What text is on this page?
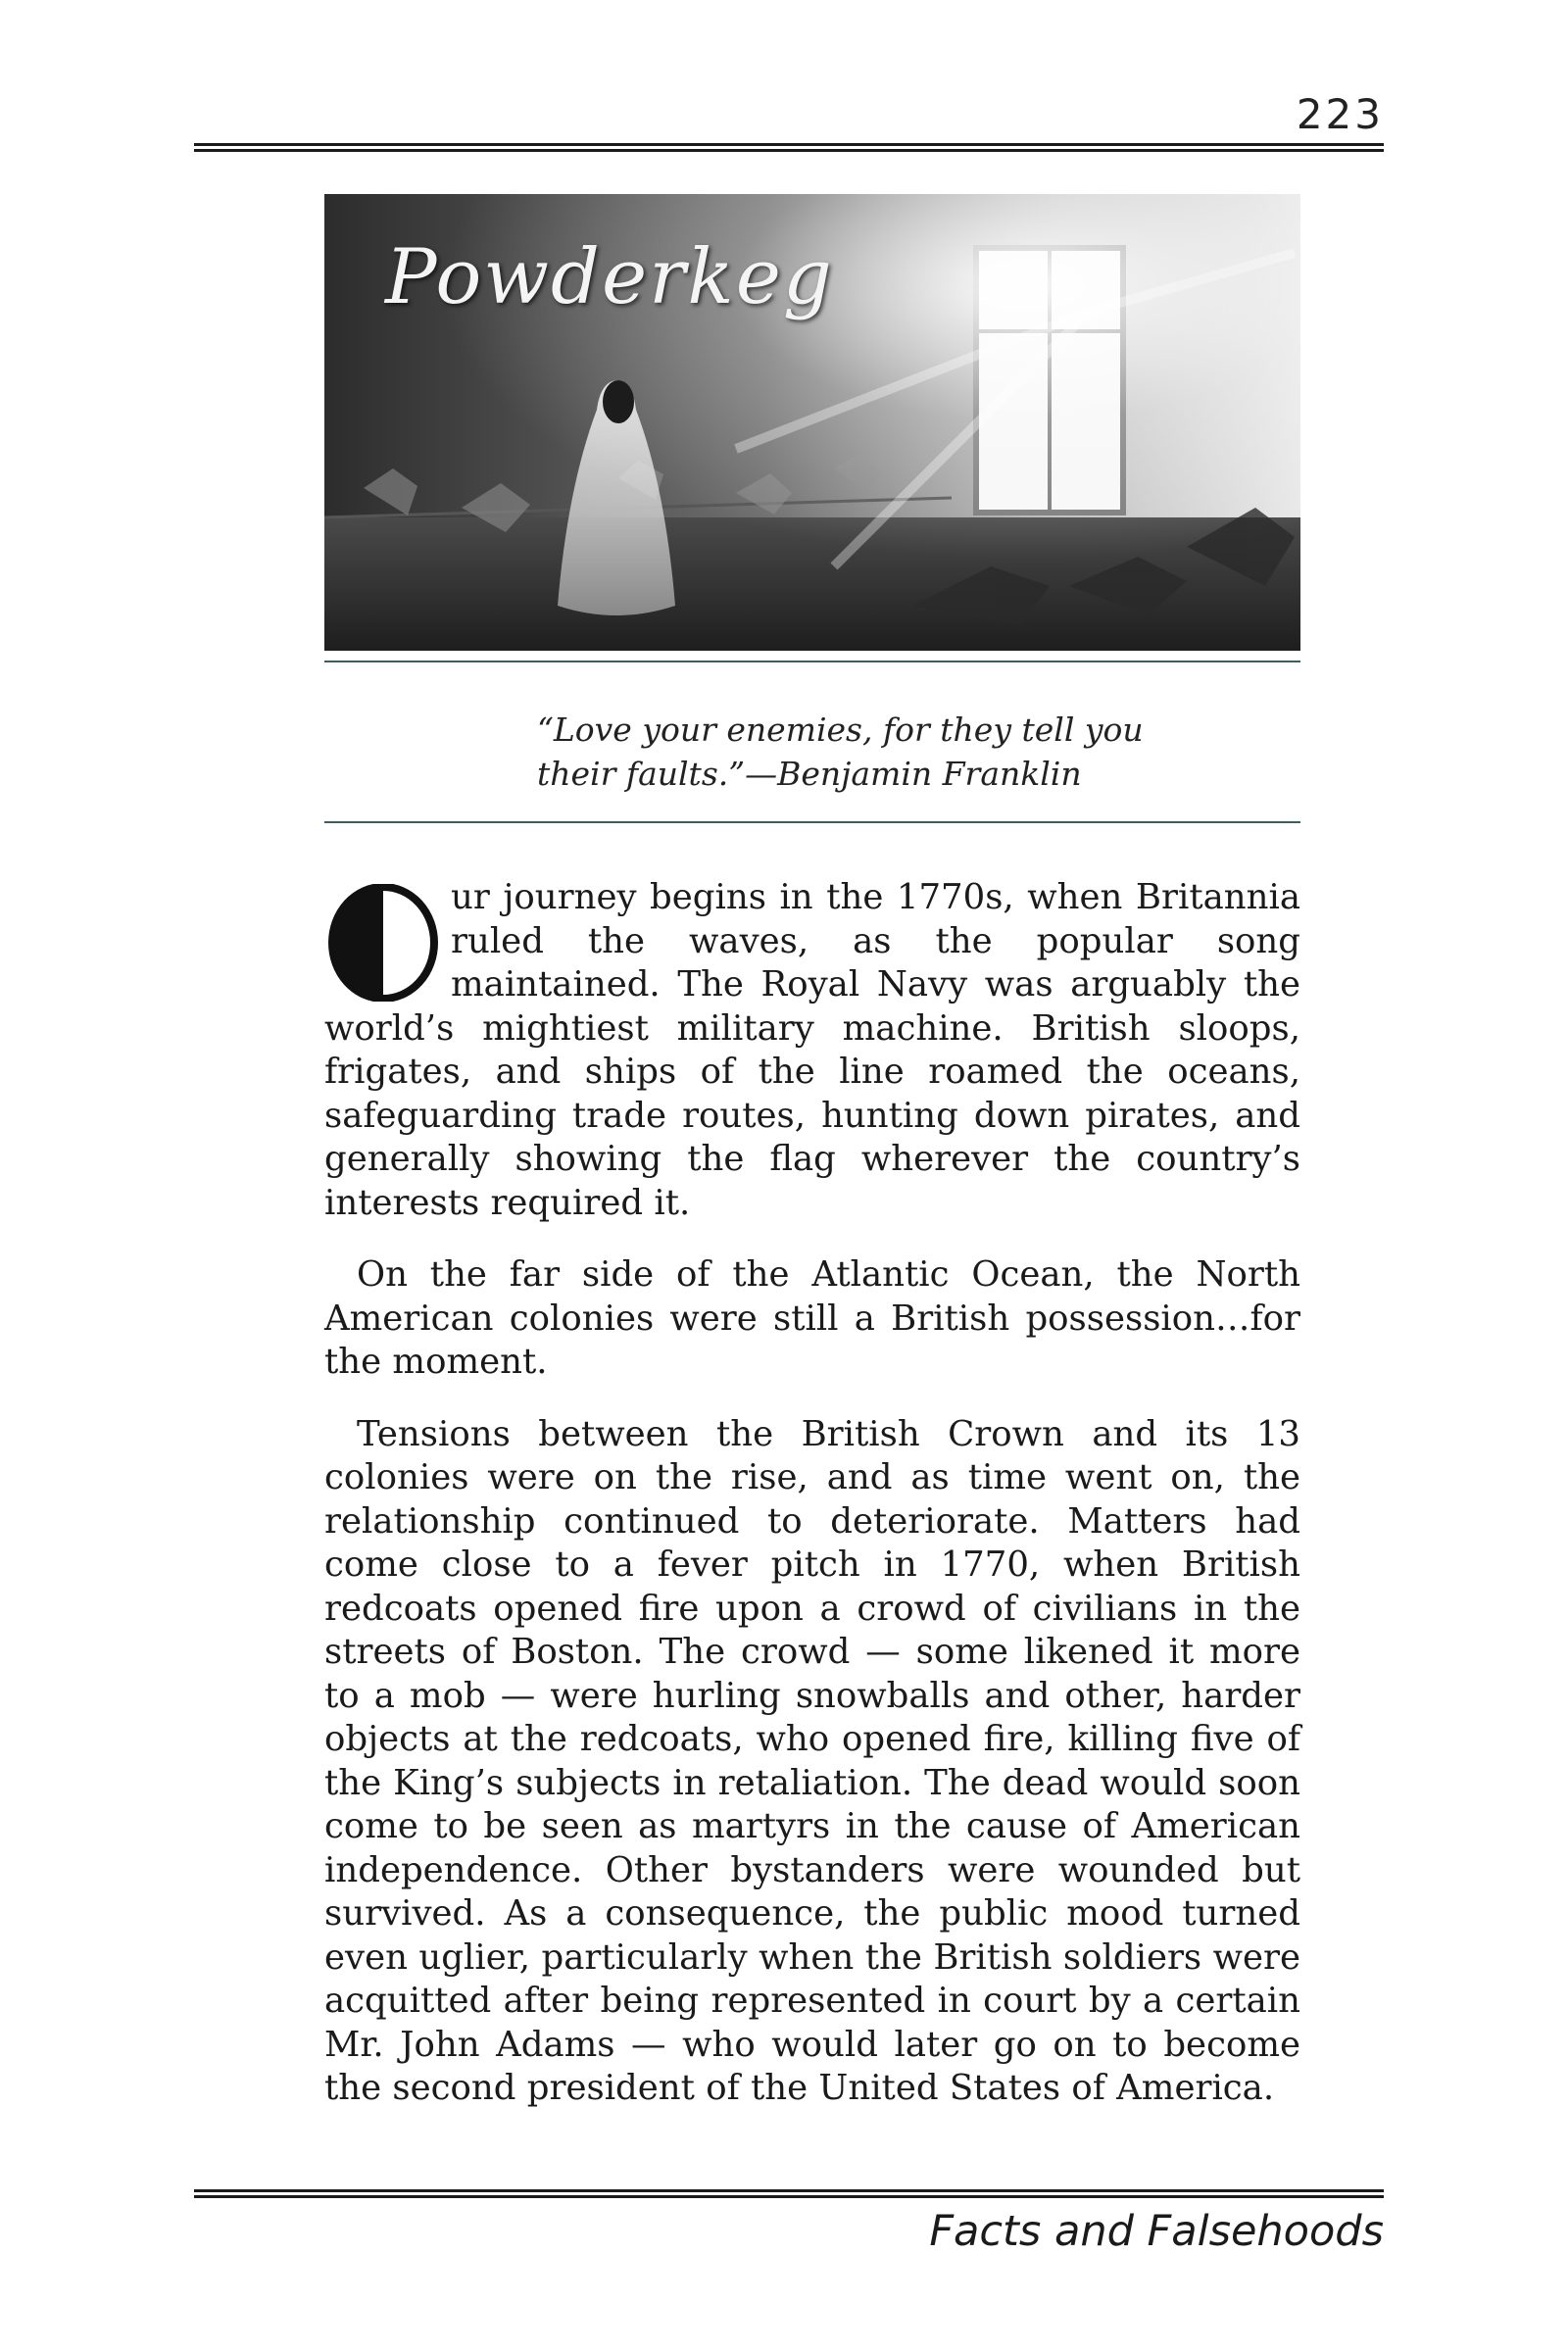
223
Powderkeg
“Love your enemies, for they tell you
their faults.”—Benjamin Franklin

O	ur journey begins in the 1770s, when Britannia ruled the waves, as the popular song maintained. The Royal Navy was arguably the world’s mightiest military machine. British sloops, frigates, and ships of the line roamed the oceans, safeguarding trade routes, hunting down pirates, and generally showing the flag wherever the country’s interests required it.

On the far side of the Atlantic Ocean, the North American colonies were still a British possession…for the moment.

Tensions between the British Crown and its 13 colonies were on the rise, and as time went on, the relationship continued to deteriorate. Matters had come close to a fever pitch in 1770, when British redcoats opened fire upon a crowd of civilians in the streets of Boston. The crowd — some likened it more to a mob — were hurling snowballs and other, harder objects at the redcoats, who opened fire, killing five of the King’s subjects in retaliation. The dead would soon come to be seen as martyrs in the cause of American independence. Other bystanders were wounded but survived. As a consequence, the public mood turned even uglier, particularly when the British soldiers were acquitted after being represented in court by a certain Mr. John Adams — who would later go on to become the second president of the United States of America.

Facts and Falsehoods
